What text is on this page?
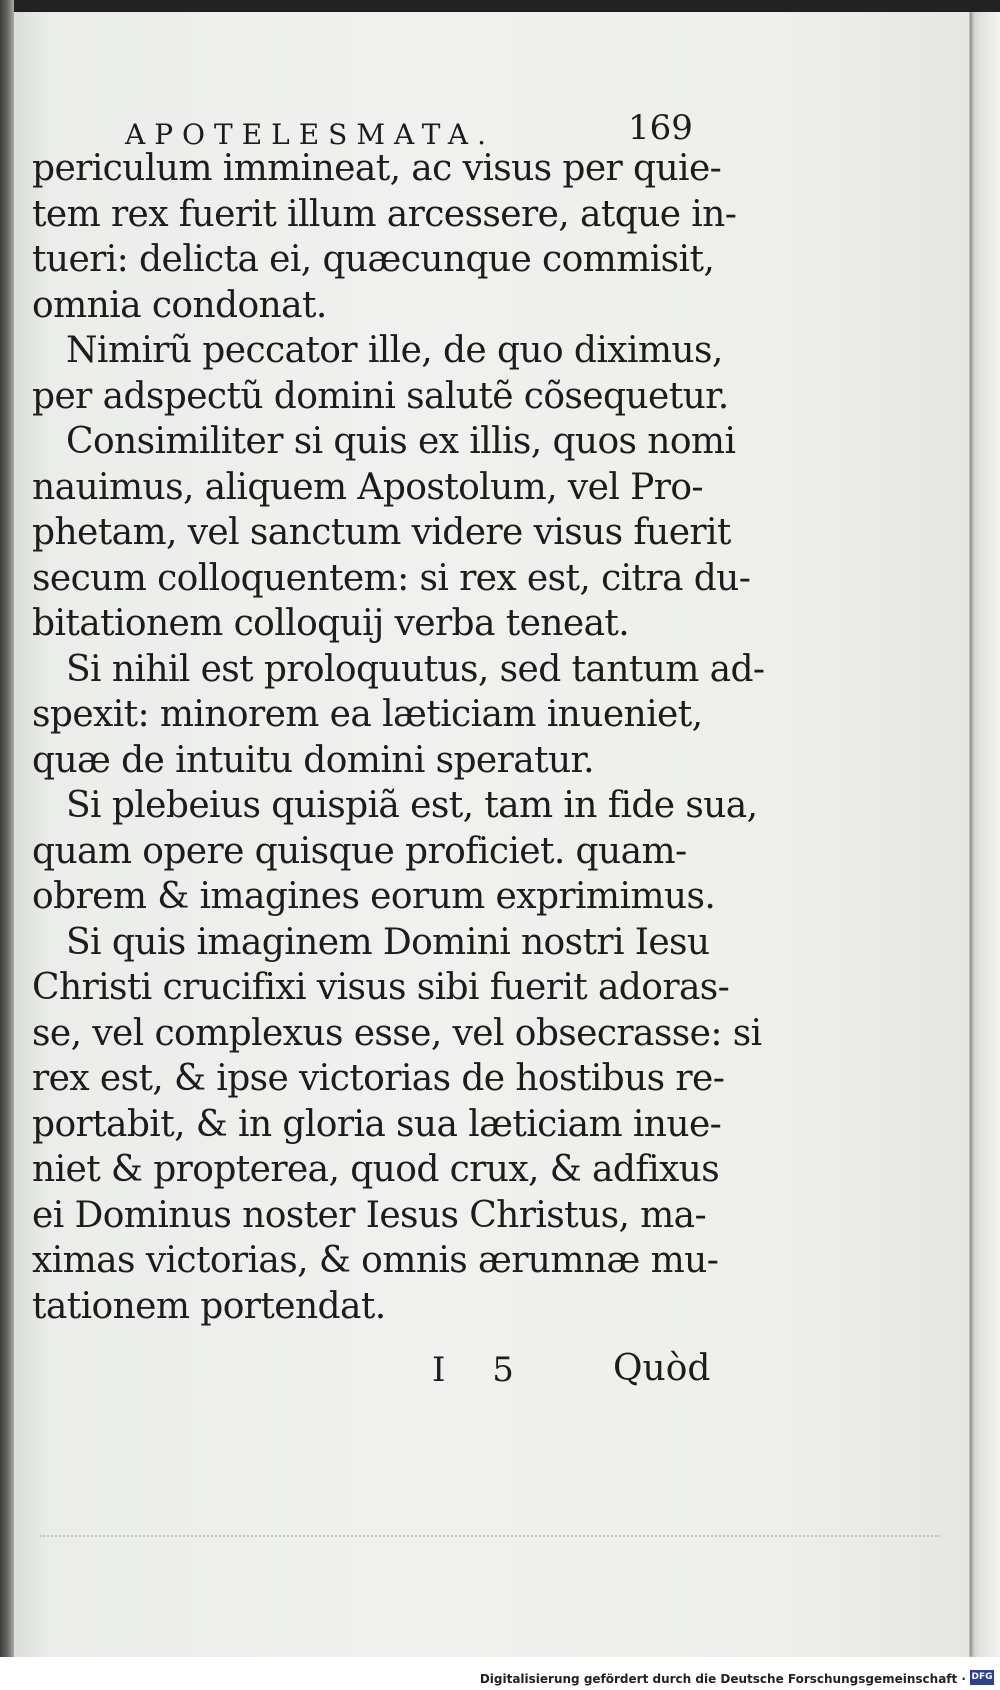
APOTELESMATA.	169
periculum immineat, ac visus per quie-
tem rex fuerit illum arcessere, atque in-
tueri: delicta ei, quæcunque commisit,
omnia condonat.
Nimirũ peccator ille, de quo diximus,
per adspectũ domini salutẽ cõsequetur.
Consimiliter si quis ex illis, quos nomi
nauimus, aliquem Apostolum, vel Pro-
phetam, vel sanctum videre visus fuerit
secum colloquentem: si rex est, citra du-
bitationem colloquij verba teneat.
Si nihil est proloquutus, sed tantum ad-
spexit: minorem ea læticiam inueniet,
quæ de intuitu domini speratur.
Si plebeius quispiã est, tam in fide sua,
quam opere quisque proficiet. quam-
obrem & imagines eorum exprimimus.
Si quis imaginem Domini nostri Iesu
Christi crucifixi visus sibi fuerit adoras-
se, vel complexus esse, vel obsecrasse: si
rex est, & ipse victorias de hostibus re-
portabit, & in gloria sua læticiam inue-
niet & propterea, quod crux, & adfixus
ei Dominus noster Iesus Christus, ma-
ximas victorias, & omnis ærumnæ mu-
tationem portendat.
I 5 Quòd
Digitalisierung gefördert durch die Deutsche Forschungsgemeinschaft · DFG
